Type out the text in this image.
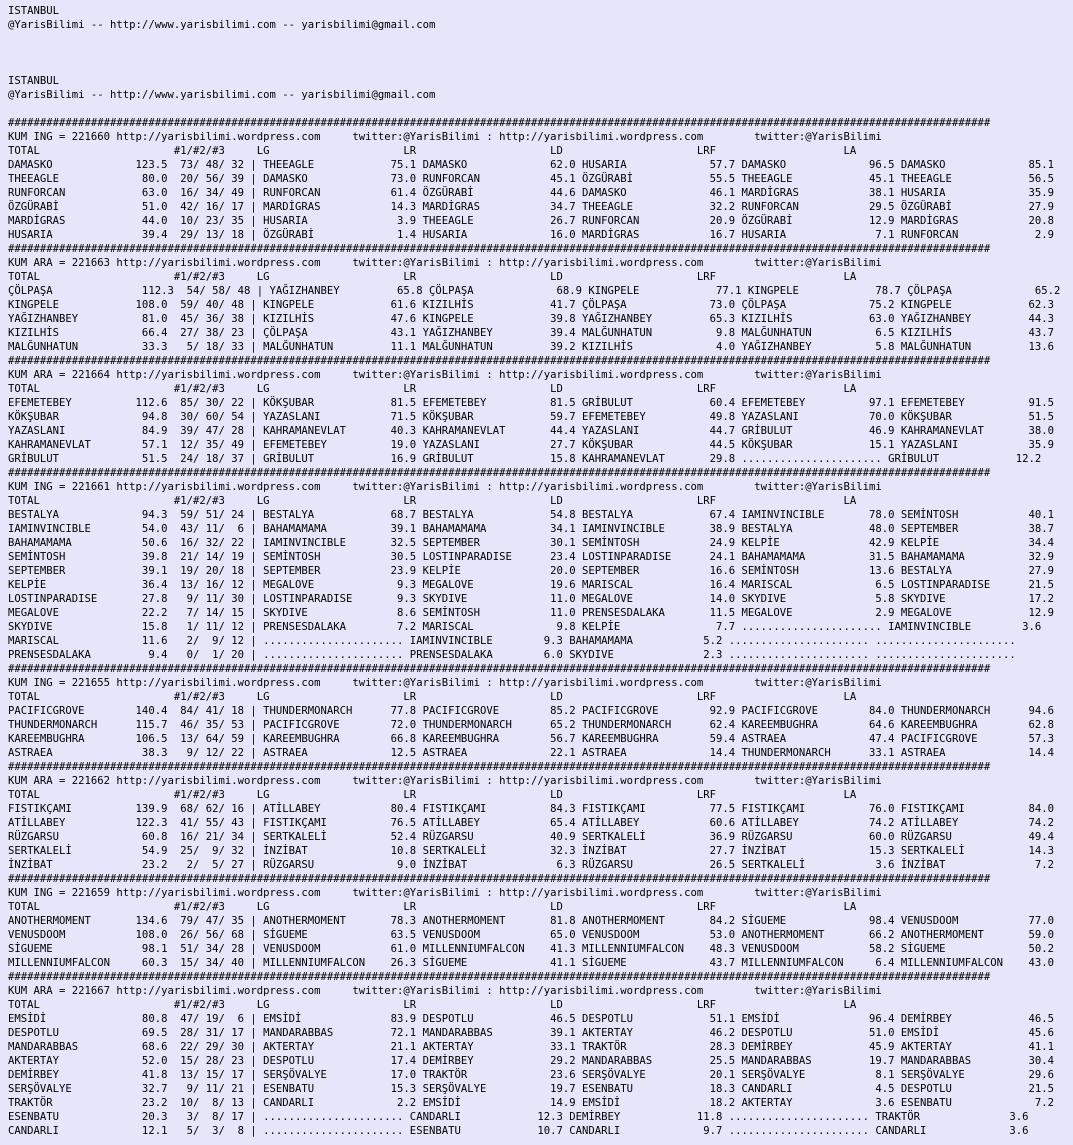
ISTANBUL
@YarisBilimi -- http://www.yarisbilimi.com -- yarisbilimi@gmail.com
ISTANBUL
@YarisBilimi -- http://www.yarisbilimi.com -- yarisbilimi@gmail.com
##########################################################################################################################################################
KUM ING = 221660 http://yarisbilimi.wordpress.com     twitter:@YarisBilimi : http://yarisbilimi.wordpress.com        twitter:@YarisBilimi
TOTAL                     #1/#2/#3     LG                     LR                     LD                     LRF                    LA
DAMASKO             123.5  73/ 48/ 32 | THEEAGLE            75.1 DAMASKO             62.0 HUSARIA             57.7 DAMASKO             96.5 DAMASKO             85.1
THEEAGLE             80.0  20/ 56/ 39 | DAMASKO             73.0 RUNFORCAN           45.1 ÖZGÜRABİ            55.5 THEEAGLE            45.1 THEEAGLE            56.5
RUNFORCAN            63.0  16/ 34/ 49 | RUNFORCAN           61.4 ÖZGÜRABİ            44.6 DAMASKO             46.1 MARDİGRAS           38.1 HUSARIA             35.9
ÖZGÜRABİ             51.0  42/ 16/ 17 | MARDİGRAS           14.3 MARDİGRAS           34.7 THEEAGLE            32.2 RUNFORCAN           29.5 ÖZGÜRABİ            27.9
MARDİGRAS            44.0  10/ 23/ 35 | HUSARIA              3.9 THEEAGLE            26.7 RUNFORCAN           20.9 ÖZGÜRABİ            12.9 MARDİGRAS           20.8
HUSARIA              39.4  29/ 13/ 18 | ÖZGÜRABİ             1.4 HUSARIA             16.0 MARDİGRAS           16.7 HUSARIA              7.1 RUNFORCAN            2.9
##########################################################################################################################################################
KUM ARA = 221663 http://yarisbilimi.wordpress.com     twitter:@YarisBilimi : http://yarisbilimi.wordpress.com        twitter:@YarisBilimi
TOTAL                     #1/#2/#3     LG                     LR                     LD                     LRF                    LA
ÇÖLPAŞA              112.3  54/ 58/ 48 | YAĞIZHANBEY         65.8 ÇÖLPAŞA             68.9 KINGPELE            77.1 KINGPELE            78.7 ÇÖLPAŞA             65.2
KINGPELE            108.0  59/ 40/ 48 | KINGPELE            61.6 KIZILHİS            41.7 ÇÖLPAŞA             73.0 ÇÖLPAŞA             75.2 KINGPELE            62.3
YAĞIZHANBEY          81.0  45/ 36/ 38 | KIZILHİS            47.6 KINGPELE            39.8 YAĞIZHANBEY         65.3 KIZILHİS            63.0 YAĞIZHANBEY         44.3
KIZILHİS             66.4  27/ 38/ 23 | ÇÖLPAŞA             43.1 YAĞIZHANBEY         39.4 MALĞUNHATUN          9.8 MALĞUNHATUN          6.5 KIZILHİS            43.7
MALĞUNHATUN          33.3   5/ 18/ 33 | MALĞUNHATUN         11.1 MALĞUNHATUN         39.2 KIZILHİS             4.0 YAĞIZHANBEY          5.8 MALĞUNHATUN         13.6
##########################################################################################################################################################
KUM ARA = 221664 http://yarisbilimi.wordpress.com     twitter:@YarisBilimi : http://yarisbilimi.wordpress.com        twitter:@YarisBilimi
TOTAL                     #1/#2/#3     LG                     LR                     LD                     LRF                    LA
EFEMETEBEY          112.6  85/ 30/ 22 | KÖKŞUBAR            81.5 EFEMETEBEY          81.5 GRİBULUT            60.4 EFEMETEBEY          97.1 EFEMETEBEY          91.5
KÖKŞUBAR             94.8  30/ 60/ 54 | YAZASLANI           71.5 KÖKŞUBAR            59.7 EFEMETEBEY          49.8 YAZASLANI           70.0 KÖKŞUBAR            51.5
YAZASLANI            84.9  39/ 47/ 28 | KAHRAMANEVLAT       40.3 KAHRAMANEVLAT       44.4 YAZASLANI           44.7 GRİBULUT            46.9 KAHRAMANEVLAT       38.0
KAHRAMANEVLAT        57.1  12/ 35/ 49 | EFEMETEBEY          19.0 YAZASLANI           27.7 KÖKŞUBAR            44.5 KÖKŞUBAR            15.1 YAZASLANI           35.9
GRİBULUT             51.5  24/ 18/ 37 | GRİBULUT            16.9 GRİBULUT            15.8 KAHRAMANEVLAT       29.8 ...................... GRİBULUT            12.2
##########################################################################################################################################################
KUM ING = 221661 http://yarisbilimi.wordpress.com     twitter:@YarisBilimi : http://yarisbilimi.wordpress.com        twitter:@YarisBilimi
TOTAL                     #1/#2/#3     LG                     LR                     LD                     LRF                    LA
BESTALYA             94.3  59/ 51/ 24 | BESTALYA            68.7 BESTALYA            54.8 BESTALYA            67.4 IAMINVINCIBLE       78.0 SEMİNTOSH           40.1
IAMINVINCIBLE        54.0  43/ 11/  6 | BAHAMAMAMA          39.1 BAHAMAMAMA          34.1 IAMINVINCIBLE       38.9 BESTALYA            48.0 SEPTEMBER           38.7
BAHAMAMAMA           50.6  16/ 32/ 22 | IAMINVINCIBLE       32.5 SEPTEMBER           30.1 SEMİNTOSH           24.9 KELPİE              42.9 KELPİE              34.4
SEMİNTOSH            39.8  21/ 14/ 19 | SEMİNTOSH           30.5 LOSTINPARADISE      23.4 LOSTINPARADISE      24.1 BAHAMAMAMA          31.5 BAHAMAMAMA          32.9
SEPTEMBER            39.1  19/ 20/ 18 | SEPTEMBER           23.9 KELPİE              20.0 SEPTEMBER           16.6 SEMİNTOSH           13.6 BESTALYA            27.9
KELPİE               36.4  13/ 16/ 12 | MEGALOVE             9.3 MEGALOVE            19.6 MARISCAL            16.4 MARISCAL             6.5 LOSTINPARADISE      21.5
LOSTINPARADISE       27.8   9/ 11/ 30 | LOSTINPARADISE       9.3 SKYDIVE             11.0 MEGALOVE            14.0 SKYDIVE              5.8 SKYDIVE             17.2
MEGALOVE             22.2   7/ 14/ 15 | SKYDIVE              8.6 SEMİNTOSH           11.0 PRENSESDALAKA       11.5 MEGALOVE             2.9 MEGALOVE            12.9
SKYDIVE              15.8   1/ 11/ 12 | PRENSESDALAKA        7.2 MARISCAL             9.8 KELPİE               7.7 ...................... IAMINVINCIBLE        3.6
MARISCAL             11.6   2/  9/ 12 | ...................... IAMINVINCIBLE        9.3 BAHAMAMAMA           5.2 ...................... ......................
PRENSESDALAKA         9.4   0/  1/ 20 | ...................... PRENSESDALAKA        6.0 SKYDIVE              2.3 ...................... ......................
##########################################################################################################################################################
KUM ING = 221655 http://yarisbilimi.wordpress.com     twitter:@YarisBilimi : http://yarisbilimi.wordpress.com        twitter:@YarisBilimi
TOTAL                     #1/#2/#3     LG                     LR                     LD                     LRF                    LA
PACIFICGROVE        140.4  84/ 41/ 18 | THUNDERMONARCH      77.8 PACIFICGROVE        85.2 PACIFICGROVE        92.9 PACIFICGROVE        84.0 THUNDERMONARCH      94.6
THUNDERMONARCH      115.7  46/ 35/ 53 | PACIFICGROVE        72.0 THUNDERMONARCH      65.2 THUNDERMONARCH      62.4 KAREEMBUGHRA        64.6 KAREEMBUGHRA        62.8
KAREEMBUGHRA        106.5  13/ 64/ 59 | KAREEMBUGHRA        66.8 KAREEMBUGHRA        56.7 KAREEMBUGHRA        59.4 ASTRAEA             47.4 PACIFICGROVE        57.3
ASTRAEA              38.3   9/ 12/ 22 | ASTRAEA             12.5 ASTRAEA             22.1 ASTRAEA             14.4 THUNDERMONARCH      33.1 ASTRAEA             14.4
##########################################################################################################################################################
KUM ARA = 221662 http://yarisbilimi.wordpress.com     twitter:@YarisBilimi : http://yarisbilimi.wordpress.com        twitter:@YarisBilimi
TOTAL                     #1/#2/#3     LG                     LR                     LD                     LRF                    LA
FISTIKÇAMI          139.9  68/ 62/ 16 | ATİLLABEY           80.4 FISTIKÇAMI          84.3 FISTIKÇAMI          77.5 FISTIKÇAMI          76.0 FISTIKÇAMI          84.0
ATİLLABEY           122.3  41/ 55/ 43 | FISTIKÇAMI          76.5 ATİLLABEY           65.4 ATİLLABEY           60.6 ATİLLABEY           74.2 ATİLLABEY           74.2
RÜZGARSU             60.8  16/ 21/ 34 | SERTKALELİ          52.4 RÜZGARSU            40.9 SERTKALELİ          36.9 RÜZGARSU            60.0 RÜZGARSU            49.4
SERTKALELİ           54.9  25/  9/ 32 | İNZİBAT             10.8 SERTKALELİ          32.3 İNZİBAT             27.7 İNZİBAT             15.3 SERTKALELİ          14.3
İNZİBAT              23.2   2/  5/ 27 | RÜZGARSU             9.0 İNZİBAT              6.3 RÜZGARSU            26.5 SERTKALELİ           3.6 İNZİBAT              7.2
##########################################################################################################################################################
KUM ING = 221659 http://yarisbilimi.wordpress.com     twitter:@YarisBilimi : http://yarisbilimi.wordpress.com        twitter:@YarisBilimi
TOTAL                     #1/#2/#3     LG                     LR                     LD                     LRF                    LA
ANOTHERMOMENT       134.6  79/ 47/ 35 | ANOTHERMOMENT       78.3 ANOTHERMOMENT       81.8 ANOTHERMOMENT       84.2 SİGUEME             98.4 VENUSDOOM           77.0
VENUSDOOM           108.0  26/ 56/ 68 | SİGUEME             63.5 VENUSDOOM           65.0 VENUSDOOM           53.0 ANOTHERMOMENT       66.2 ANOTHERMOMENT       59.0
SİGUEME              98.1  51/ 34/ 28 | VENUSDOOM           61.0 MILLENNIUMFALCON    41.3 MILLENNIUMFALCON    48.3 VENUSDOOM           58.2 SİGUEME             50.2
MILLENNIUMFALCON     60.3  15/ 34/ 40 | MILLENNIUMFALCON    26.3 SİGUEME             41.1 SİGUEME             43.7 MILLENNIUMFALCON     6.4 MILLENNIUMFALCON    43.0
##########################################################################################################################################################
KUM ARA = 221667 http://yarisbilimi.wordpress.com     twitter:@YarisBilimi : http://yarisbilimi.wordpress.com        twitter:@YarisBilimi
TOTAL                     #1/#2/#3     LG                     LR                     LD                     LRF                    LA
EMSİDİ               80.8  47/ 19/  6 | EMSİDİ              83.9 DESPOTLU            46.5 DESPOTLU            51.1 EMSİDİ              96.4 DEMİRBEY            46.5
DESPOTLU             69.5  28/ 31/ 17 | MANDARABBAS         72.1 MANDARABBAS         39.1 AKTERTAY            46.2 DESPOTLU            51.0 EMSİDİ              45.6
MANDARABBAS          68.6  22/ 29/ 30 | AKTERTAY            21.1 AKTERTAY            33.1 TRAKTÖR             28.3 DEMİRBEY            45.9 AKTERTAY            41.1
AKTERTAY             52.0  15/ 28/ 23 | DESPOTLU            17.4 DEMİRBEY            29.2 MANDARABBAS         25.5 MANDARABBAS         19.7 MANDARABBAS         30.4
DEMİRBEY             41.8  13/ 15/ 17 | SERŞÖVALYE          17.0 TRAKTÖR             23.6 SERŞÖVALYE          20.1 SERŞÖVALYE           8.1 SERŞÖVALYE          29.6
SERŞÖVALYE           32.7   9/ 11/ 21 | ESENBATU            15.3 SERŞÖVALYE          19.7 ESENBATU            18.3 CANDARLI             4.5 DESPOTLU            21.5
TRAKTÖR              23.2  10/  8/ 13 | CANDARLI             2.2 EMSİDİ              14.9 EMSİDİ              18.2 AKTERTAY             3.6 ESENBATU             7.2
ESENBATU             20.3   3/  8/ 17 | ...................... CANDARLI            12.3 DEMİRBEY            11.8 ...................... TRAKTÖR              3.6
CANDARLI             12.1   5/  3/  8 | ...................... ESENBATU            10.7 CANDARLI             9.7 ...................... CANDARLI             3.6
